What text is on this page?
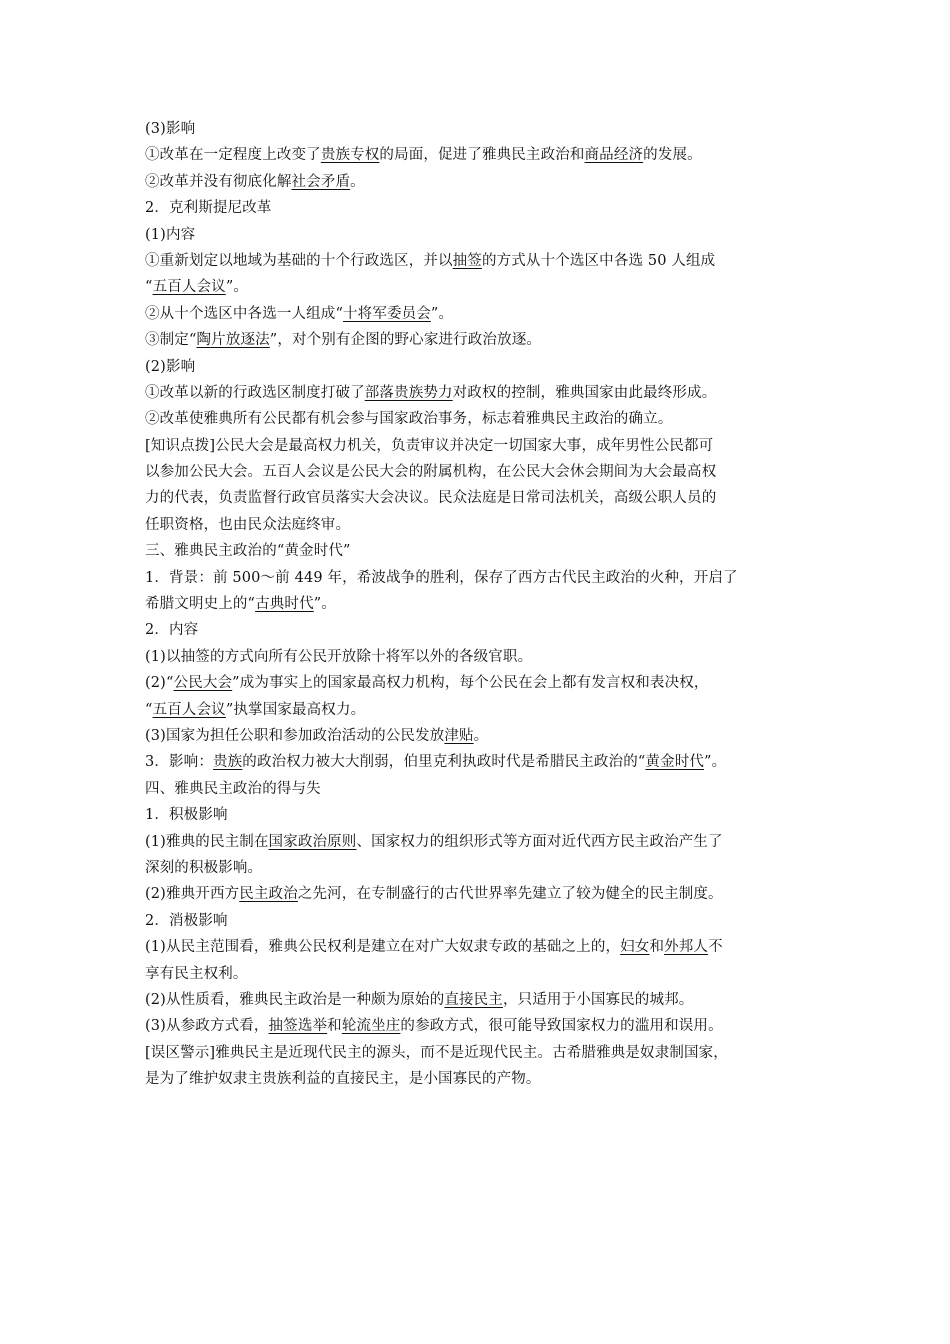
(3)影响
①改革在一定程度上改变了贵族专权的局面，促进了雅典民主政治和商品经济的发展。
②改革并没有彻底化解社会矛盾。
2．克利斯提尼改革
(1)内容
①重新划定以地域为基础的十个行政选区，并以抽签的方式从十个选区中各选 50 人组成
“五百人会议”。
②从十个选区中各选一人组成“十将军委员会”。
③制定“陶片放逐法”，对个别有企图的野心家进行政治放逐。
(2)影响
①改革以新的行政选区制度打破了部落贵族势力对政权的控制，雅典国家由此最终形成。
②改革使雅典所有公民都有机会参与国家政治事务，标志着雅典民主政治的确立。
[知识点拨]公民大会是最高权力机关，负责审议并决定一切国家大事，成年男性公民都可
以参加公民大会。五百人会议是公民大会的附属机构，在公民大会休会期间为大会最高权
力的代表，负责监督行政官员落实大会决议。民众法庭是日常司法机关，高级公职人员的
任职资格，也由民众法庭终审。
三、雅典民主政治的“黄金时代”
1．背景：前 500～前 449 年，希波战争的胜利，保存了西方古代民主政治的火种，开启了
希腊文明史上的“古典时代”。
2．内容
(1)以抽签的方式向所有公民开放除十将军以外的各级官职。
(2)“公民大会”成为事实上的国家最高权力机构，每个公民在会上都有发言权和表决权，
“五百人会议”执掌国家最高权力。
(3)国家为担任公职和参加政治活动的公民发放津贴。
3．影响：贵族的政治权力被大大削弱，伯里克利执政时代是希腊民主政治的“黄金时代”。
四、雅典民主政治的得与失
1．积极影响
(1)雅典的民主制在国家政治原则、国家权力的组织形式等方面对近代西方民主政治产生了
深刻的积极影响。
(2)雅典开西方民主政治之先河，在专制盛行的古代世界率先建立了较为健全的民主制度。
2．消极影响
(1)从民主范围看，雅典公民权利是建立在对广大奴隶专政的基础之上的，妇女和外邦人不
享有民主权利。
(2)从性质看，雅典民主政治是一种颇为原始的直接民主，只适用于小国寡民的城邦。
(3)从参政方式看，抽签选举和轮流坐庄的参政方式，很可能导致国家权力的滥用和误用。
[误区警示]雅典民主是近现代民主的源头，而不是近现代民主。古希腊雅典是奴隶制国家，
是为了维护奴隶主贵族利益的直接民主，是小国寡民的产物。
